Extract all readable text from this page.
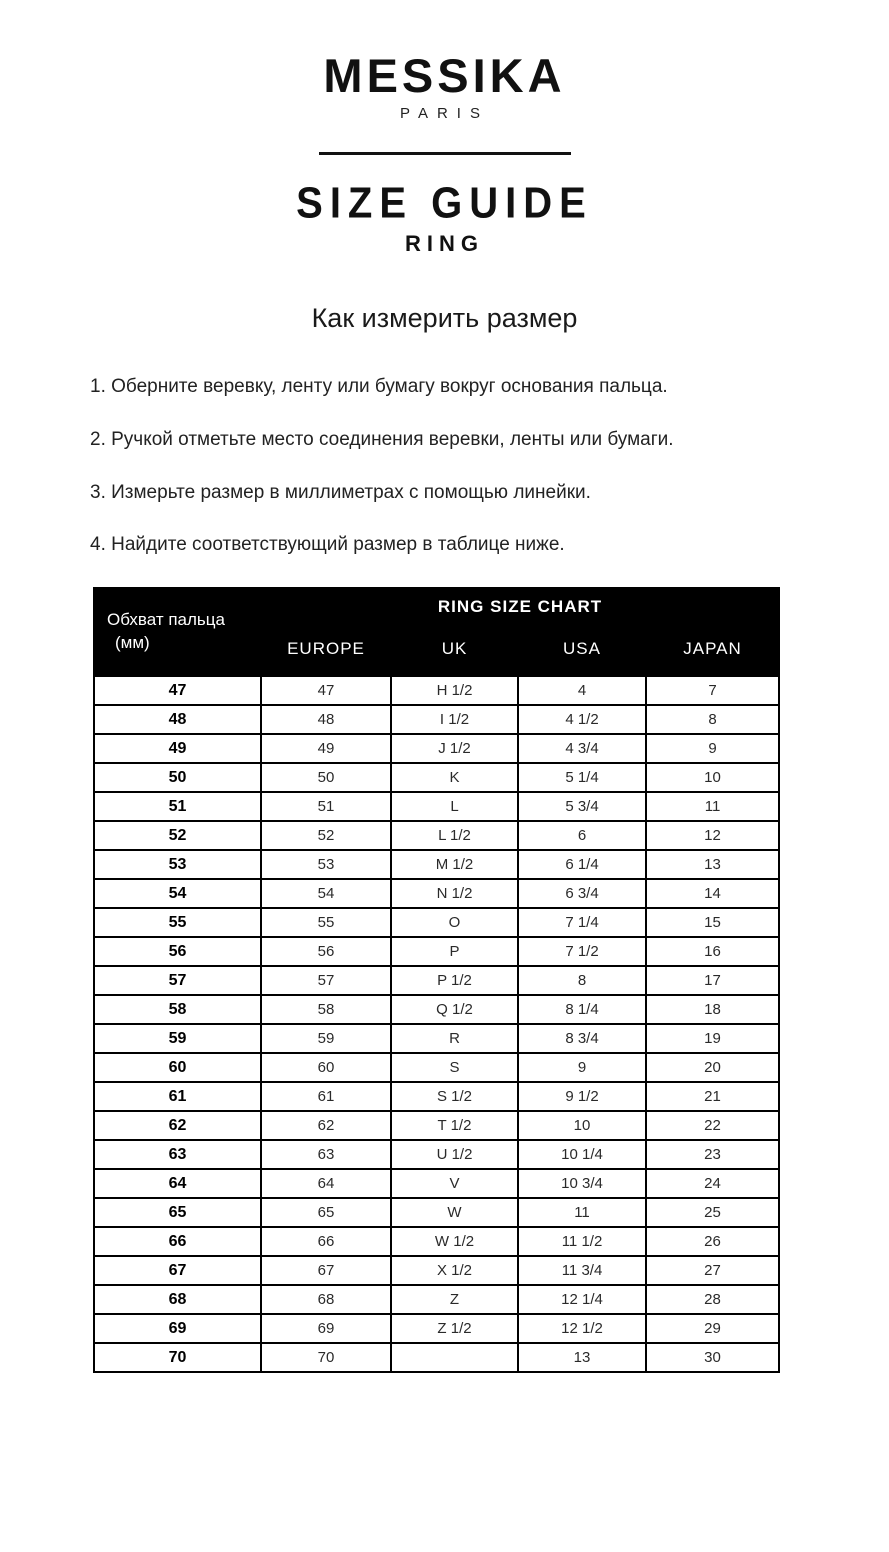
MESSIKA
PARIS
SIZE GUIDE
RING
Как измерить размер

1. Оберните веревку, ленту или бумагу вокруг основания пальца.

2. Ручкой отметьте место соединения веревки, ленты или бумаги.

3. Измерьте размер в миллиметрах с помощью линейки.

4. Найдите соответствующий размер в таблице ниже.

Обхват пальца
(мм)	RING SIZE CHART			
	EUROPE	UK	USA	JAPAN
47	47	H 1/2	4	7
48	48	I 1/2	4 1/2	8
49	49	J 1/2	4 3/4	9
50	50	K	5 1/4	10
51	51	L	5 3/4	11
52	52	L 1/2	6	12
53	53	M 1/2	6 1/4	13
54	54	N 1/2	6 3/4	14
55	55	O	7 1/4	15
56	56	P	7 1/2	16
57	57	P 1/2	8	17
58	58	Q 1/2	8 1/4	18
59	59	R	8 3/4	19
60	60	S	9	20
61	61	S 1/2	9 1/2	21
62	62	T 1/2	10	22
63	63	U 1/2	10 1/4	23
64	64	V	10 3/4	24
65	65	W	11	25
66	66	W 1/2	11 1/2	26
67	67	X 1/2	11 3/4	27
68	68	Z	12 1/4	28
69	69	Z 1/2	12 1/2	29
70	70		13	30
